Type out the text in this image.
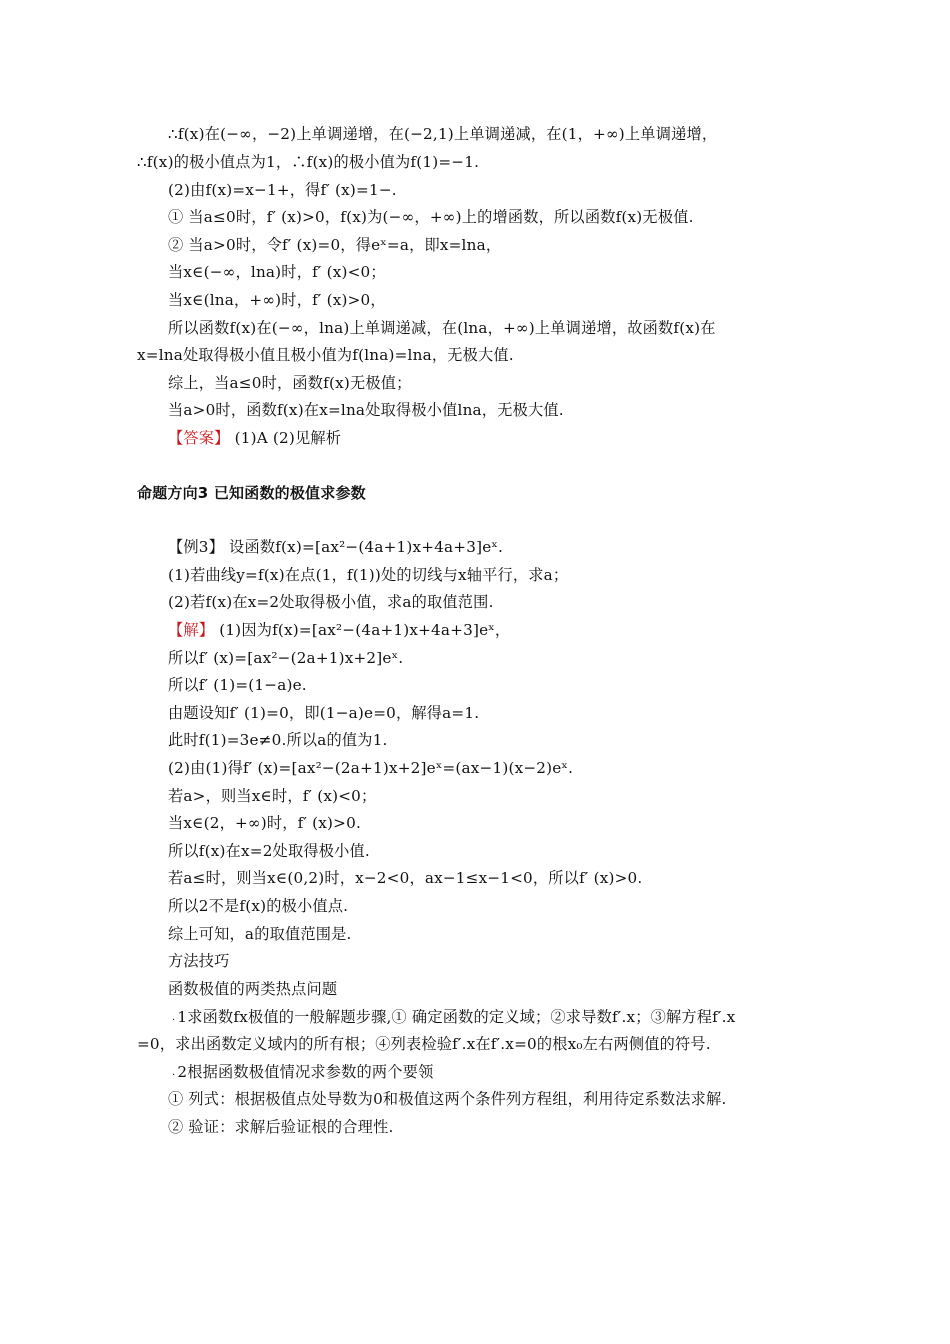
∴f(x)在(−∞，−2)上单调递增，在(−2,1)上单调递减，在(1，+∞)上单调递增，
∴f(x)的极小值点为1，∴f(x)的极小值为f(1)=−1.
(2)由f(x)=x−1+，得f′ (x)=1−.
① 当a≤0时，f′ (x)>0，f(x)为(−∞，+∞)上的增函数，所以函数f(x)无极值.
② 当a>0时，令f′ (x)=0，得eˣ=a，即x=lna，
当x∈(−∞，lna)时，f′ (x)<0；
当x∈(lna，+∞)时，f′ (x)>0，
所以函数f(x)在(−∞，lna)上单调递减，在(lna，+∞)上单调递增，故函数f(x)在
x=lna处取得极小值且极小值为f(lna)=lna，无极大值.
综上，当a≤0时，函数f(x)无极值；
当a>0时，函数f(x)在x=lna处取得极小值lna，无极大值.
【答案】 (1)A (2)见解析
命题方向3 已知函数的极值求参数
【例3】 设函数f(x)=[ax²−(4a+1)x+4a+3]eˣ.
(1)若曲线y=f(x)在点(1，f(1))处的切线与x轴平行，求a；
(2)若f(x)在x=2处取得极小值，求a的取值范围.
【解】 (1)因为f(x)=[ax²−(4a+1)x+4a+3]eˣ，
所以f′ (x)=[ax²−(2a+1)x+2]eˣ.
所以f′ (1)=(1−a)e.
由题设知f′ (1)=0，即(1−a)e=0，解得a=1.
此时f(1)=3e≠0.所以a的值为1.
(2)由(1)得f′ (x)=[ax²−(2a+1)x+2]eˣ=(ax−1)(x−2)eˣ.
若a>，则当x∈时，f′ (x)<0；
当x∈(2，+∞)时，f′ (x)>0.
所以f(x)在x=2处取得极小值.
若a≤时，则当x∈(0,2)时，x−2<0，ax−1≤x−1<0，所以f′ (x)>0.
所以2不是f(x)的极小值点.
综上可知，a的取值范围是.
方法技巧
函数极值的两类热点问题
. 1求函数fx极值的一般解题步骤,① 确定函数的定义域；②求导数f′.x；③解方程f′.x
=0，求出函数定义域内的所有根；④列表检验f′.x在f′.x=0的根x₀左右两侧值的符号.
. 2根据函数极值情况求参数的两个要领
① 列式：根据极值点处导数为0和极值这两个条件列方程组，利用待定系数法求解.
② 验证：求解后验证根的合理性.
